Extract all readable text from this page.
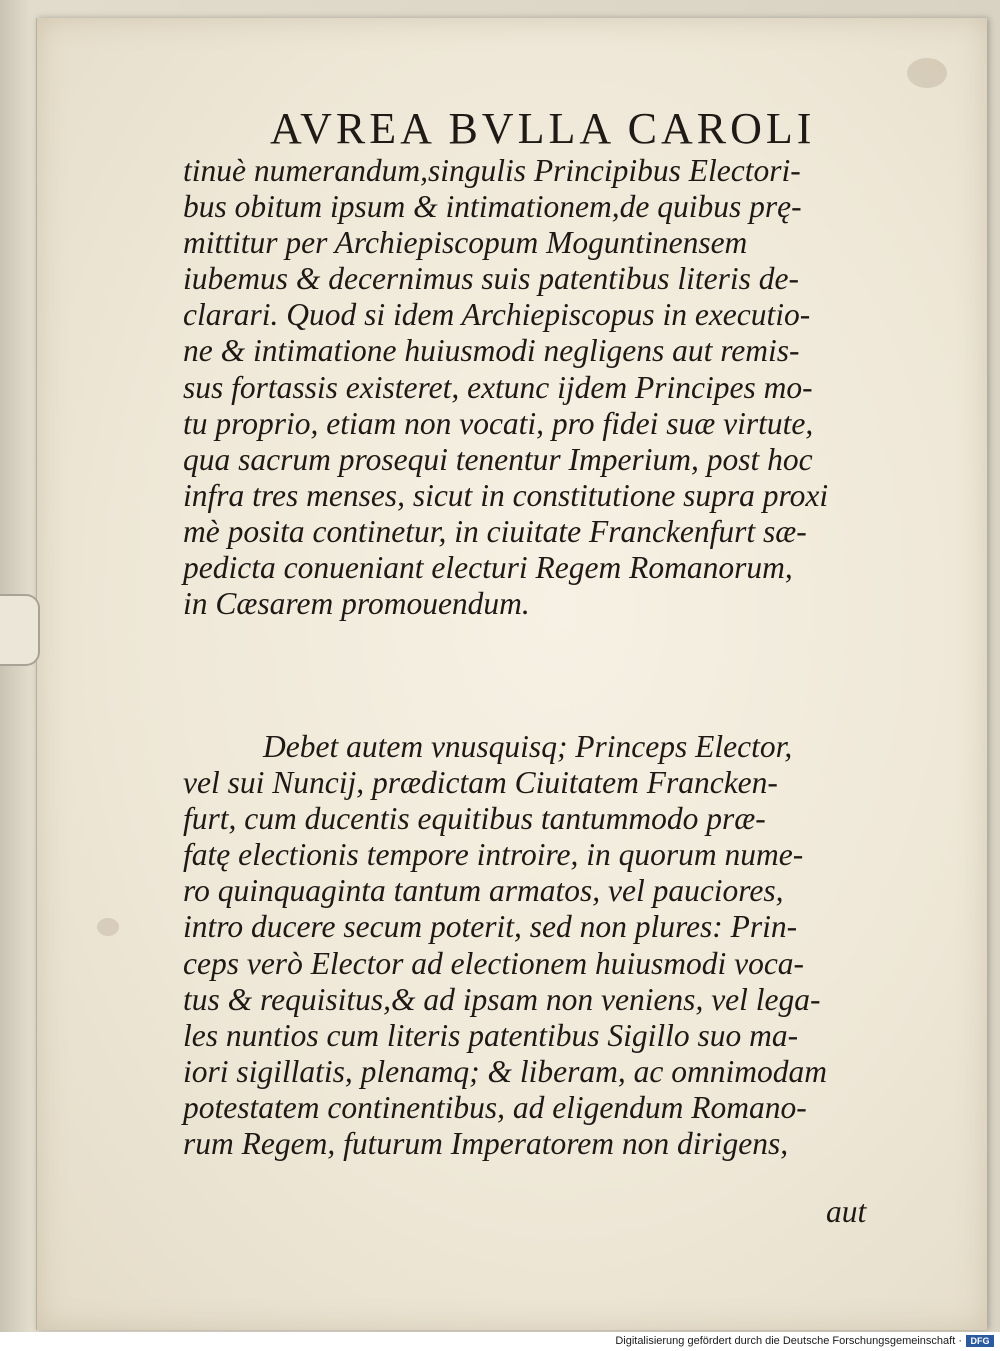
AVREA BVLLA CAROLI
tinuè numerandum,singulis Principibus Electori-
bus obitum ipsum & intimationem,de quibus prę-
mittitur per Archiepiscopum Moguntinensem
iubemus & decernimus suis patentibus literis de-
clarari. Quod si idem Archiepiscopus in executio-
ne & intimatione huiusmodi negligens aut remis-
sus fortassis existeret, extunc ijdem Principes mo-
tu proprio, etiam non vocati, pro fidei suæ virtute,
qua sacrum prosequi tenentur Imperium, post hoc
infra tres menses, sicut in constitutione supra proxi
mè posita continetur, in ciuitate Franckenfurt sæ-
pedicta conueniant electuri Regem Romanorum,
in Cæsarem promouendum.
Debet autem vnusquisq; Princeps Elector,
vel sui Nuncij, prædictam Ciuitatem Francken-
furt, cum ducentis equitibus tantummodo præ-
fatę electionis tempore introire, in quorum nume-
ro quinquaginta tantum armatos, vel pauciores,
intro ducere secum poterit, sed non plures: Prin-
ceps verò Elector ad electionem huiusmodi voca-
tus & requisitus,& ad ipsam non veniens, vel lega-
les nuntios cum literis patentibus Sigillo suo ma-
iori sigillatis, plenamq; & liberam, ac omnimodam
potestatem continentibus, ad eligendum Romano-
rum Regem, futurum Imperatorem non dirigens,
aut
Digitalisierung gefördert durch die Deutsche Forschungsgemeinschaft · DFG
